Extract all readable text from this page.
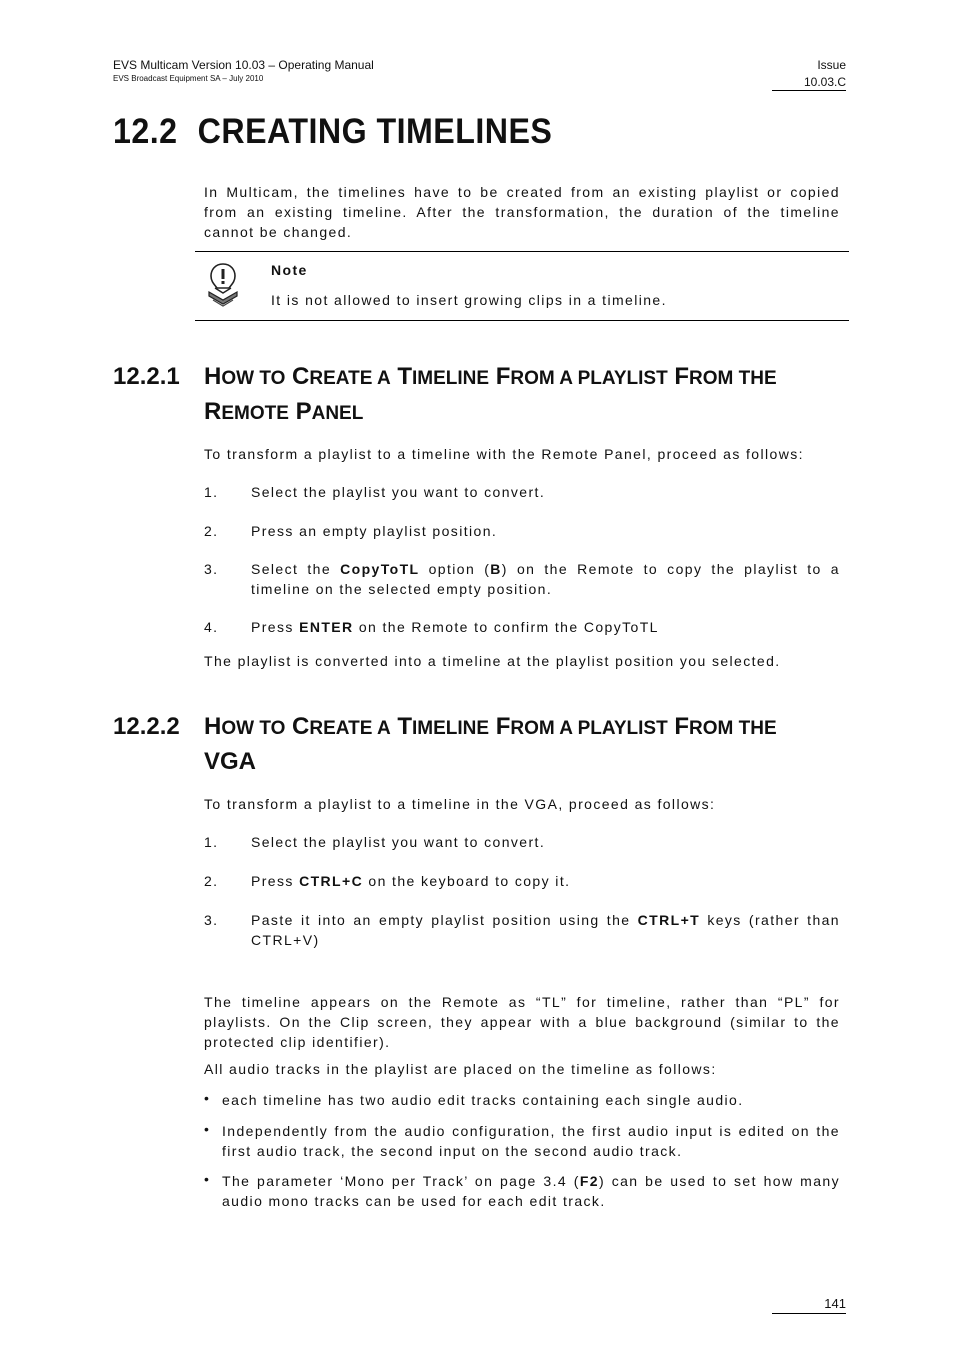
EVS Multicam Version 10.03 – Operating Manual
EVS Broadcast Equipment SA – July 2010
Issue
10.03.C
12.2 CREATING TIMELINES
In Multicam, the timelines have to be created from an existing playlist or copied from an existing timeline. After the transformation, the duration of the timeline cannot be changed.
Note
It is not allowed to insert growing clips in a timeline.
12.2.1 HOW TO CREATE A TIMELINE FROM A PLAYLIST FROM THE
REMOTE PANEL
To transform a playlist to a timeline with the Remote Panel, proceed as follows:
1. Select the playlist you want to convert.
2. Press an empty playlist position.
3. Select the CopyToTL option (B) on the Remote to copy the playlist to a timeline on the selected empty position.
4. Press ENTER on the Remote to confirm the CopyToTL
The playlist is converted into a timeline at the playlist position you selected.
12.2.2 HOW TO CREATE A TIMELINE FROM A PLAYLIST FROM THE
VGA
To transform a playlist to a timeline in the VGA, proceed as follows:
1. Select the playlist you want to convert.
2. Press CTRL+C on the keyboard to copy it.
3. Paste it into an empty playlist position using the CTRL+T keys (rather than CTRL+V)
The timeline appears on the Remote as “TL” for timeline, rather than “PL” for playlists. On the Clip screen, they appear with a blue background (similar to the protected clip identifier).
All audio tracks in the playlist are placed on the timeline as follows:
• each timeline has two audio edit tracks containing each single audio.
• Independently from the audio configuration, the first audio input is edited on the first audio track, the second input on the second audio track.
• The parameter ‘Mono per Track’ on page 3.4 (F2) can be used to set how many audio mono tracks can be used for each edit track.
141
